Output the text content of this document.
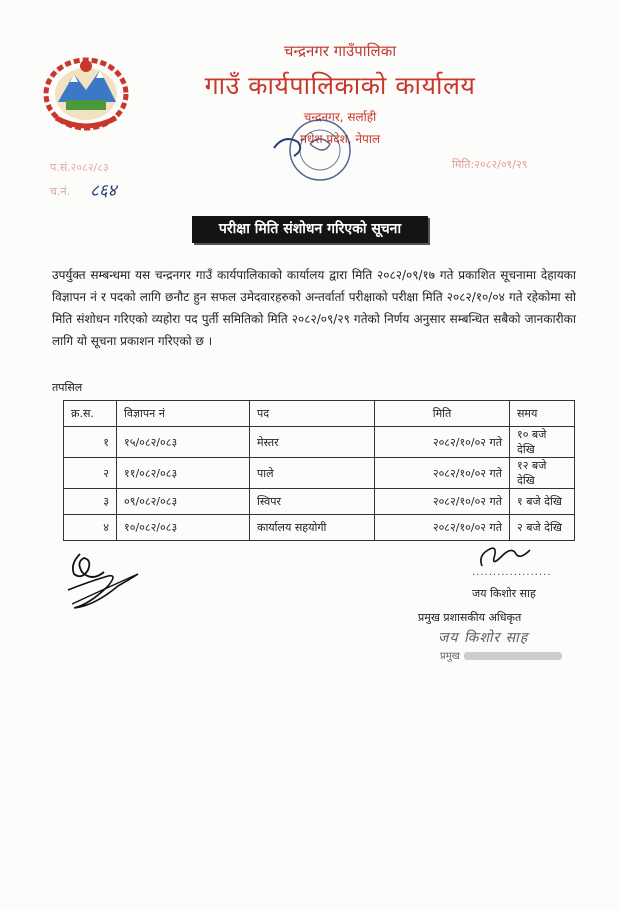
चन्द्रनगर गाउँपालिका
गाउँ कार्यपालिकाको कार्यालय
चन्द्रनगर, सर्लाही
मधेश प्रदेश, नेपाल
प.सं.२०८२/८३
च.नं. ८६४
मिति:२०८२/०९/२९
परीक्षा मिति संशोधन गरिएको सूचना
उपर्युक्त सम्बन्धमा यस चन्द्रनगर गाउँ कार्यपालिकाको कार्यालय द्वारा मिति २०८२/०९/१७ गते प्रकाशित सूचनामा देहायका विज्ञापन नं र पदको लागि छनौट हुन सफल उमेदवारहरुको अन्तर्वार्ता परीक्षाको परीक्षा मिति २०८२/१०/०४ गते रहेकोमा सो मिति संशोधन गरिएको व्यहोरा पद पुर्ती समितिको मिति २०८२/०९/२९ गतेको निर्णय अनुसार सम्बन्धित सबैको जानकारीका लागि यो सूचना प्रकाशन गरिएको छ ।
तपसिल
क्र.स.	विज्ञापन नं	पद	मिति	समय
१	१५/०८२/०८३	मेस्तर	२०८२/१०/०२ गते	१० बजे देखि
२	११/०८२/०८३	पाले	२०८२/१०/०२ गते	१२ बजे देखि
३	०९/०८२/०८३	स्विपर	२०८२/१०/०२ गते	१ बजे देखि
४	१०/०८२/०८३	कार्यालय सहयोगी	२०८२/१०/०२ गते	२ बजे देखि
...................
जय किशोर साह
प्रमुख प्रशासकीय अधिकृत
जय किशोर साह
प्रमुख
